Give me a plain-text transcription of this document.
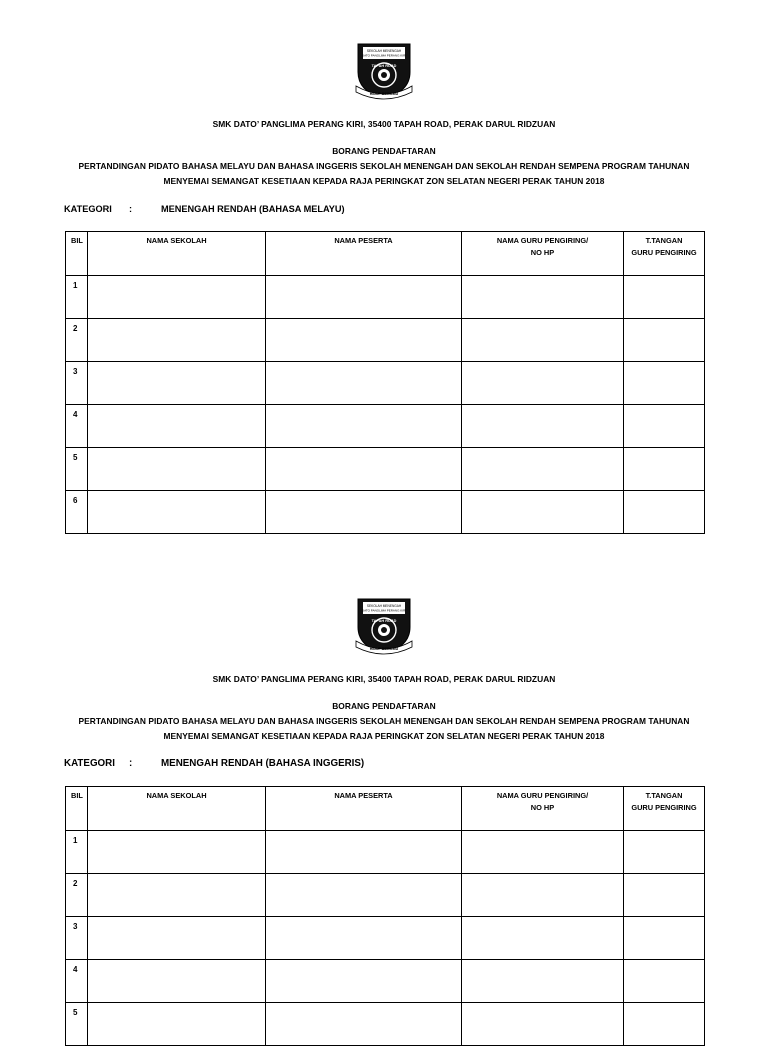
SEKOLAH MENENGAH
DATO PANGLIMA PERANG KIRI
TAPAH ROAD
HIDUP BERILMU
SMK DATO’ PANGLIMA PERANG KIRI, 35400 TAPAH ROAD, PERAK DARUL RIDZUAN
BORANG PENDAFTARAN
PERTANDINGAN PIDATO BAHASA MELAYU DAN BAHASA INGGERIS SEKOLAH MENENGAH DAN SEKOLAH RENDAH SEMPENA PROGRAM TAHUNAN
MENYEMAI SEMANGAT KESETIAAN KEPADA RAJA PERINGKAT ZON SELATAN NEGERI PERAK TAHUN 2018
KATEGORI :	MENENGAH RENDAH (BAHASA MELAYU)
BIL	NAMA SEKOLAH	NAMA PESERTA	NAMA GURU PENGIRING/
NO HP	T.TANGAN
GURU PENGIRING
1				
2				
3				
4				
5				
6				
SEKOLAH MENENGAH
DATO PANGLIMA PERANG KIRI
TAPAH ROAD
HIDUP BERILMU
SMK DATO’ PANGLIMA PERANG KIRI, 35400 TAPAH ROAD, PERAK DARUL RIDZUAN
BORANG PENDAFTARAN
PERTANDINGAN PIDATO BAHASA MELAYU DAN BAHASA INGGERIS SEKOLAH MENENGAH DAN SEKOLAH RENDAH SEMPENA PROGRAM TAHUNAN
MENYEMAI SEMANGAT KESETIAAN KEPADA RAJA PERINGKAT ZON SELATAN NEGERI PERAK TAHUN 2018
KATEGORI :	MENENGAH RENDAH (BAHASA INGGERIS)
BIL	NAMA SEKOLAH	NAMA PESERTA	NAMA GURU PENGIRING/
NO HP	T.TANGAN
GURU PENGIRING
1				
2				
3				
4				
5				
